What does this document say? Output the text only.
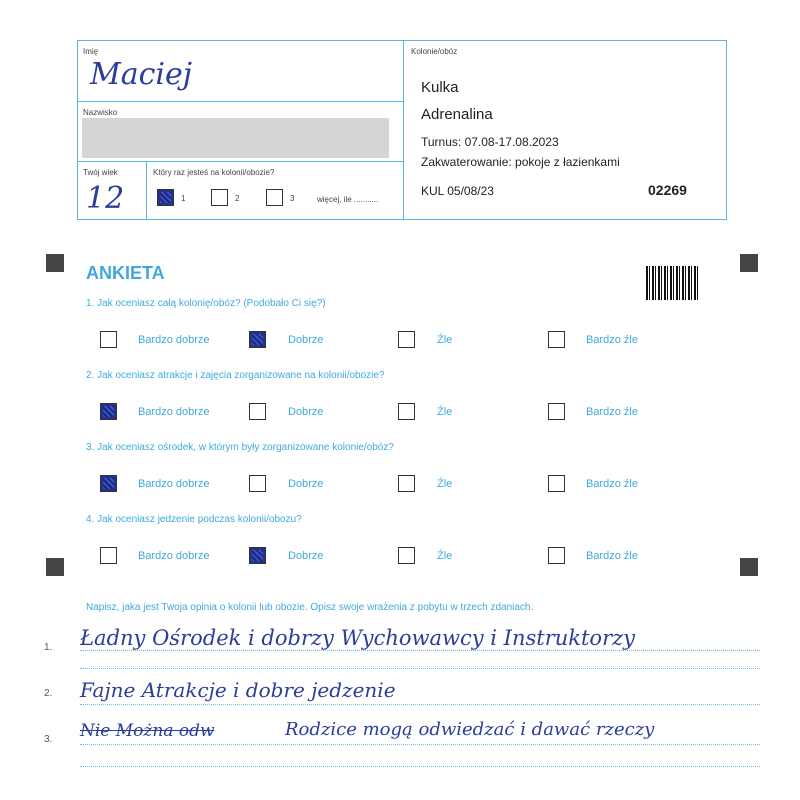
Imię
Maciej
Nazwisko
Twój wiek
12
Który raz jesteś na kolonii/obozie?
1	2	3	więcej, ile ...........
Kolonie/obóz
Kulka
Adrenalina
Turnus: 07.08-17.08.2023
Zakwaterowanie: pokoje z łazienkami
KUL 05/08/23	02269
ANKIETA
1. Jak oceniasz całą kolonię/obóz? (Podobało Ci się?)
Bardzo dobrze	Dobrze	Źle	Bardzo źle
2. Jak oceniasz atrakcje i zajęcia zorganizowane na kolonii/obozie?
Bardzo dobrze	Dobrze	Źle	Bardzo źle
3. Jak oceniasz ośrodek, w którym były zorganizowane kolonie/obóz?
Bardzo dobrze	Dobrze	Źle	Bardzo źle
4. Jak oceniasz jedzenie podczas kolonii/obozu?
Bardzo dobrze	Dobrze	Źle	Bardzo źle
Napisz, jaka jest Twoja opinia o kolonii lub obozie. Opisz swoje wrażenia z pobytu w trzech zdaniach.
1. Ładny Ośrodek i dobrzy Wychowawcy i Instruktorzy
2. Fajne Atrakcje i dobre jedzenie
3. Nie Można odw	Rodzice mogą odwiedzać i dawać rzeczy
